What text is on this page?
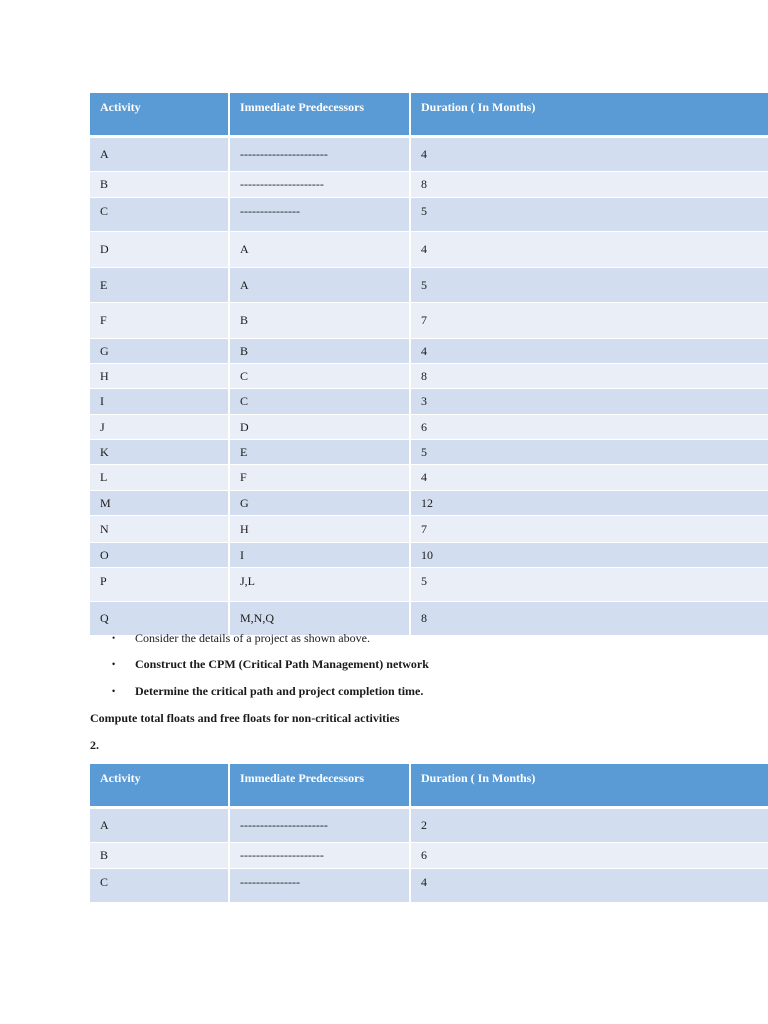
Activity	Immediate Predecessors	Duration ( In Months)
A	----------------------	4
B	---------------------	8
C	---------------	5
D	A	4
E	A	5
F	B	7
G	B	4
H	C	8
I	C	3
J	D	6
K	E	5
L	F	4
M	G	12
N	H	7
O	I	10
P	J,L	5
Q	M,N,Q	8
• Consider the details of a project as shown above.
• Construct the CPM (Critical Path Management) network
• Determine the critical path and project completion time.
Compute total floats and free floats for non-critical activities
2.
Activity	Immediate Predecessors	Duration ( In Months)
A	----------------------	2
B	---------------------	6
C	---------------	4
